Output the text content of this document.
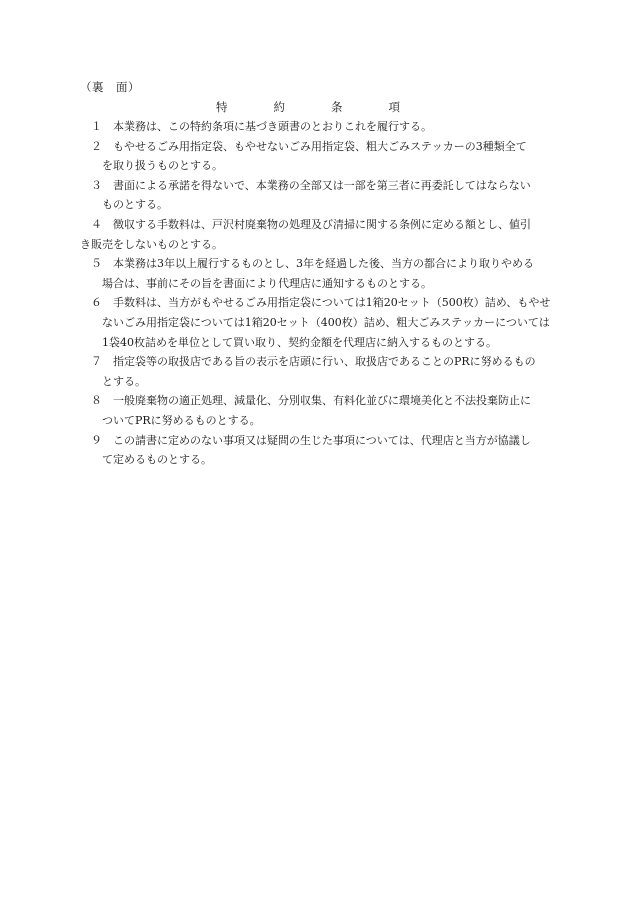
（裏　面）
特　　　　約　　　　条　　　　項

　１　本業務は、この特約条項に基づき頭書のとおりこれを履行する。

　２　もやせるごみ用指定袋、もやせないごみ用指定袋、粗大ごみステッカーの3種類全て
　　を取り扱うものとする。

　３　書面による承諾を得ないで、本業務の全部又は一部を第三者に再委託してはならない
　　ものとする。

　４　徴収する手数料は、戸沢村廃棄物の処理及び清掃に関する条例に定める額とし、値引
き販売をしないものとする。

　５　本業務は3年以上履行するものとし、3年を経過した後、当方の都合により取りやめる
　　場合は、事前にその旨を書面により代理店に通知するものとする。

　６　手数料は、当方がもやせるごみ用指定袋については1箱20セット（500枚）詰め、もやせ
　　ないごみ用指定袋については1箱20セット（400枚）詰め、粗大ごみステッカーについては
　　1袋40枚詰めを単位として買い取り、契約金額を代理店に納入するものとする。

　７　指定袋等の取扱店である旨の表示を店頭に行い、取扱店であることのPRに努めるもの
　　とする。

　８　一般廃棄物の適正処理、減量化、分別収集、有料化並びに環境美化と不法投棄防止に
　　ついてPRに努めるものとする。

　９　この請書に定めのない事項又は疑問の生じた事項については、代理店と当方が協議し
　　て定めるものとする。
